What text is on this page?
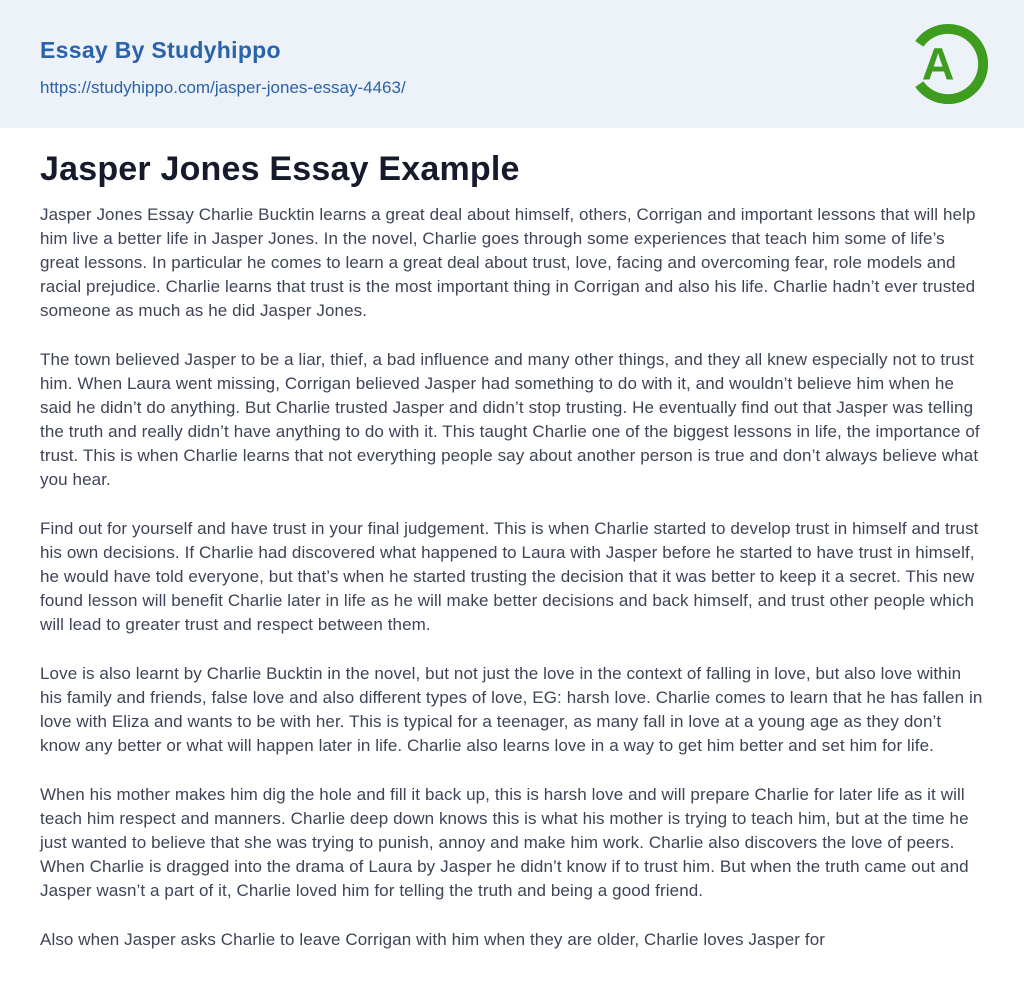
Essay By Studyhippo
https://studyhippo.com/jasper-jones-essay-4463/	A
Jasper Jones Essay Example

Jasper Jones Essay Charlie Bucktin learns a great deal about himself, others, Corrigan and important lessons that will help him live a better life in Jasper Jones. In the novel, Charlie goes through some experiences that teach him some of life’s great lessons. In particular he comes to learn a great deal about trust, love, facing and overcoming fear, role models and racial prejudice. Charlie learns that trust is the most important thing in Corrigan and also his life. Charlie hadn’t ever trusted someone as much as he did Jasper Jones.

The town believed Jasper to be a liar, thief, a bad influence and many other things, and they all knew especially not to trust him. When Laura went missing, Corrigan believed Jasper had something to do with it, and wouldn’t believe him when he said he didn’t do anything. But Charlie trusted Jasper and didn’t stop trusting. He eventually find out that Jasper was telling the truth and really didn’t have anything to do with it. This taught Charlie one of the biggest lessons in life, the importance of trust. This is when Charlie learns that not everything people say about another person is true and don’t always believe what you hear.

Find out for yourself and have trust in your final judgement. This is when Charlie started to develop trust in himself and trust his own decisions. If Charlie had discovered what happened to Laura with Jasper before he started to have trust in himself, he would have told everyone, but that’s when he started trusting the decision that it was better to keep it a secret. This new found lesson will benefit Charlie later in life as he will make better decisions and back himself, and trust other people which will lead to greater trust and respect between them.

Love is also learnt by Charlie Bucktin in the novel, but not just the love in the context of falling in love, but also love within his family and friends, false love and also different types of love, EG: harsh love. Charlie comes to learn that he has fallen in love with Eliza and wants to be with her. This is typical for a teenager, as many fall in love at a young age as they don’t know any better or what will happen later in life. Charlie also learns love in a way to get him better and set him for life.

When his mother makes him dig the hole and fill it back up, this is harsh love and will prepare Charlie for later life as it will teach him respect and manners. Charlie deep down knows this is what his mother is trying to teach him, but at the time he just wanted to believe that she was trying to punish, annoy and make him work. Charlie also discovers the love of peers. When Charlie is dragged into the drama of Laura by Jasper he didn’t know if to trust him. But when the truth came out and Jasper wasn’t a part of it, Charlie loved him for telling the truth and being a good friend.

Also when Jasper asks Charlie to leave Corrigan with him when they are older, Charlie loves Jasper for
